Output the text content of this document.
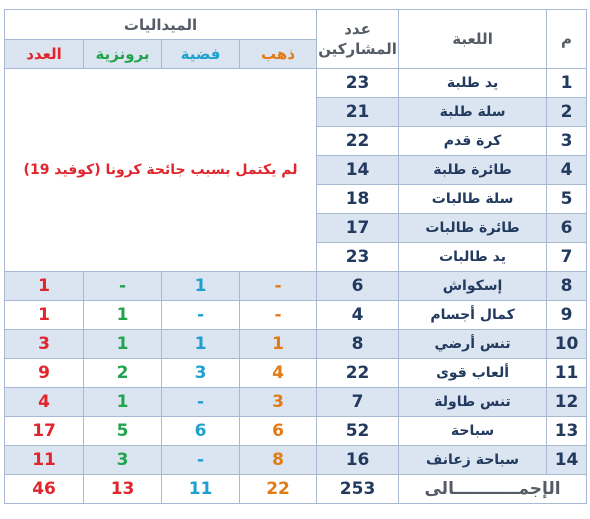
م	اللعبة	عدد المشاركين	الميداليات			
			ذهب	فضية	برونزية	العدد
1	يد طلبة	23	لم يكتمل بسبب جائحة كرونا (كوفيد 19)			
2	سلة طلبة	21				
3	كرة قدم	22				
4	طائرة طلبة	14				
5	سلة طالبات	18				
6	طائرة طالبات	17				
7	يد طالبات	23				
8	إسكواش	6	-	1	-	1
9	كمال أجسام	4	-	-	1	1
10	تنس أرضي	8	1	1	1	3
11	ألعاب قوى	22	4	3	2	9
12	تنس طاولة	7	3	-	1	4
13	سباحة	52	6	6	5	17
14	سباحة زعانف	16	8	-	3	11
الإجمـــــــــــالى		253	22	11	13	46
